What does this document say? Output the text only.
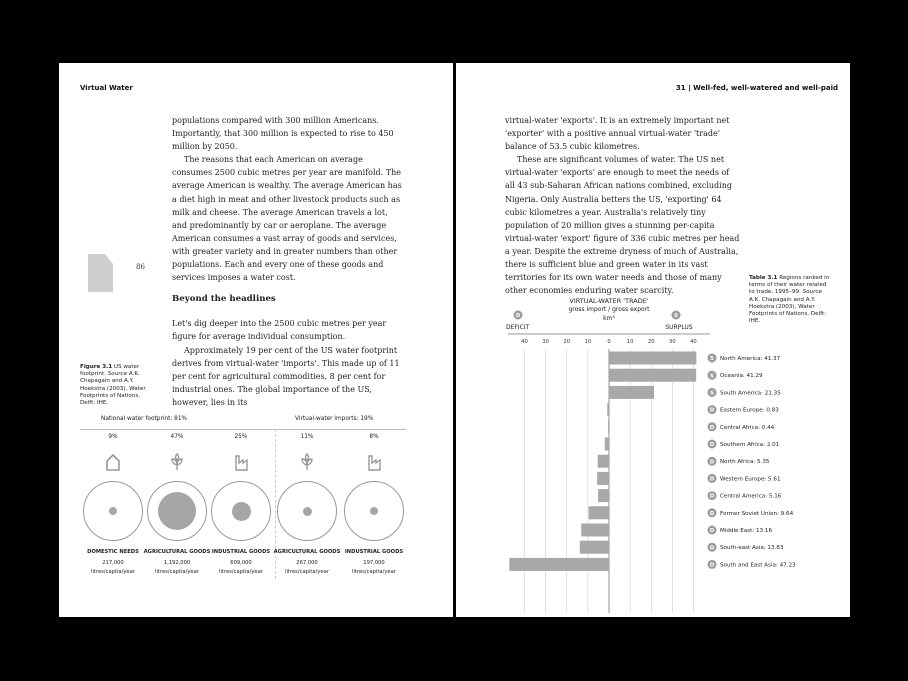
Virtual Water

populations compared with 300 million Americans. Importantly, that 300 million is expected to rise to 450 million by 2050.

The reasons that each American on average consumes 2500 cubic metres per year are manifold. The average American is wealthy. The average American has a diet high in meat and other livestock products such as milk and cheese. The average American travels a lot, and predominantly by car or aeroplane. The average American consumes a vast array of goods and services, with greater variety and in greater numbers than other populations. Each and every one of these goods and services imposes a water cost.

Beyond the headlines

Let's dig deeper into the 2500 cubic metres per year figure for average individual consumption.

Approximately 19 per cent of the US water footprint derives from virtual-water 'imports'. This made up of 11 per cent for agricultural commodities, 8 per cent for industrial ones. The global importance of the US, however, lies in its

86
Figure 3.1 US water footprint. Source A.K. Chapagain and A.Y. Hoekstra (2003), Water Footprints of Nations, Delft: IHE.
National water footprint: 81%	Virtual-water imports: 19%
9%
DOMESTIC NEEDS
217,000
litres/capita/year
47%
AGRICULTURAL GOODS
1,192,000
litres/capita/year
25%
INDUSTRIAL GOODS
609,000
litres/capita/year
11%
AGRICULTURAL GOODS
267,000
litres/capita/year
8%
INDUSTRIAL GOODS
197,000
litres/capita/year
31 | Well-fed, well-watered and well-paid

virtual-water 'exports'. It is an extremely important net 'exporter' with a positive annual virtual-water 'trade' balance of 53.5 cubic kilometres.

These are significant volumes of water. The US net virtual-water 'exports' are enough to meet the needs of all 43 sub-Saharan African nations combined, excluding Nigeria. Only Australia betters the US, 'exporting' 64 cubic kilometres a year. Australia's relatively tiny population of 20 million gives a stunning per-capita virtual-water 'export' figure of 336 cubic metres per head a year. Despite the extreme dryness of much of Australia, there is sufficient blue and green water in its vast territories for its own water needs and those of many other economies enduring water scarcity.

Table 3.1 Regions ranked in terms of their water related to trade, 1995–99. Source A.K. Chapagain and A.Y. Hoekstra (2003), Water Footprints of Nations, Delft: IHE.
VIRTUAL-WATER 'TRADE'
gross import / gross export
km³
D	S
DEFICIT	SURPLUS
40	30	20	10	0	10	20	30	40
S North America: 41.37
S Oceania: 41.29
S South America: 21.35
D Eastern Europe: 0.83
D Central Africa: 0.44
D Southern Africa: 2.01
D North Africa: 5.35
D Western Europe: 5.61
D Central America: 5.16
D Former Soviet Union: 9.64
D Middle East: 13.16
D South-east Asia: 13.83
D South and East Asia: 47.23
